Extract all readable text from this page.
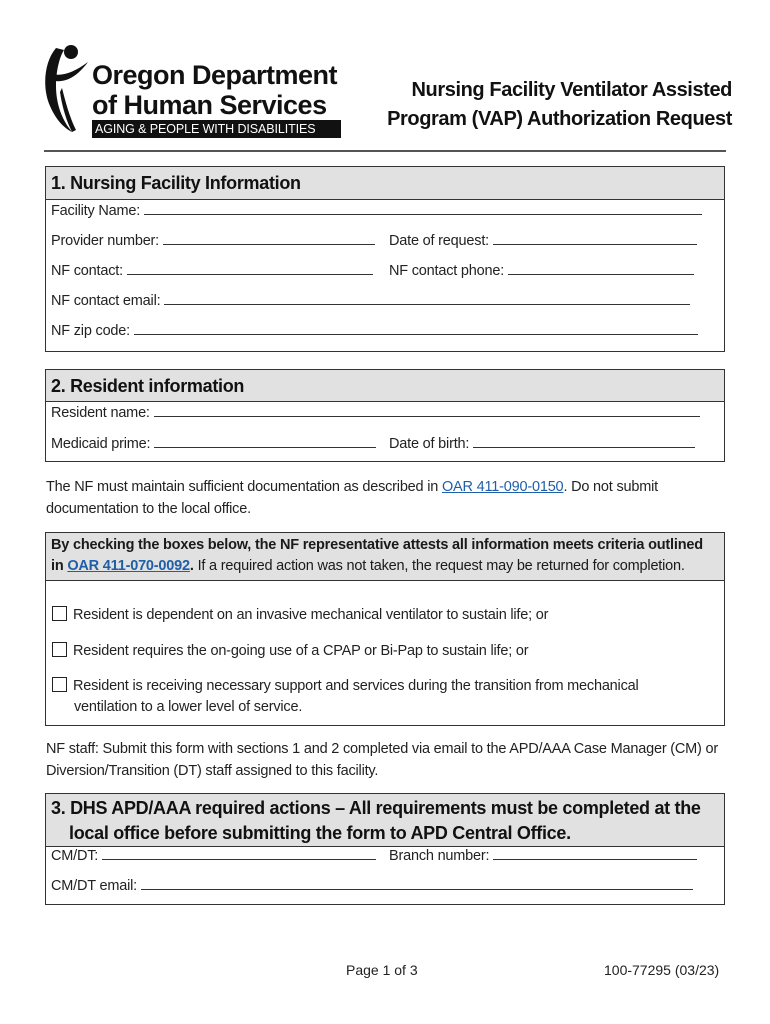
Oregon Department
of Human Services
AGING & PEOPLE WITH DISABILITIES
Nursing Facility Ventilator Assisted
Program (VAP) Authorization Request
1. Nursing Facility Information
Facility Name:
Provider number:	Date of request:
NF contact:	NF contact phone:
NF contact email:
NF zip code:
2. Resident information
Resident name:
Medicaid prime:	Date of birth:
The NF must maintain sufficient documentation as described in OAR 411-090-0150. Do not submit documentation to the local office.
By checking the boxes below, the NF representative attests all information meets criteria outlined in OAR 411-070-0092. If a required action was not taken, the request may be returned for completion.
Resident is dependent on an invasive mechanical ventilator to sustain life; or
Resident requires the on-going use of a CPAP or Bi-Pap to sustain life; or
Resident is receiving necessary support and services during the transition from mechanical ventilation to a lower level of service.
NF staff: Submit this form with sections 1 and 2 completed via email to the APD/AAA Case Manager (CM) or Diversion/Transition (DT) staff assigned to this facility.
3. DHS APD/AAA required actions – All requirements must be completed at the
local office before submitting the form to APD Central Office.
CM/DT:	Branch number:
CM/DT email:
Page 1 of 3	100-77295 (03/23)
